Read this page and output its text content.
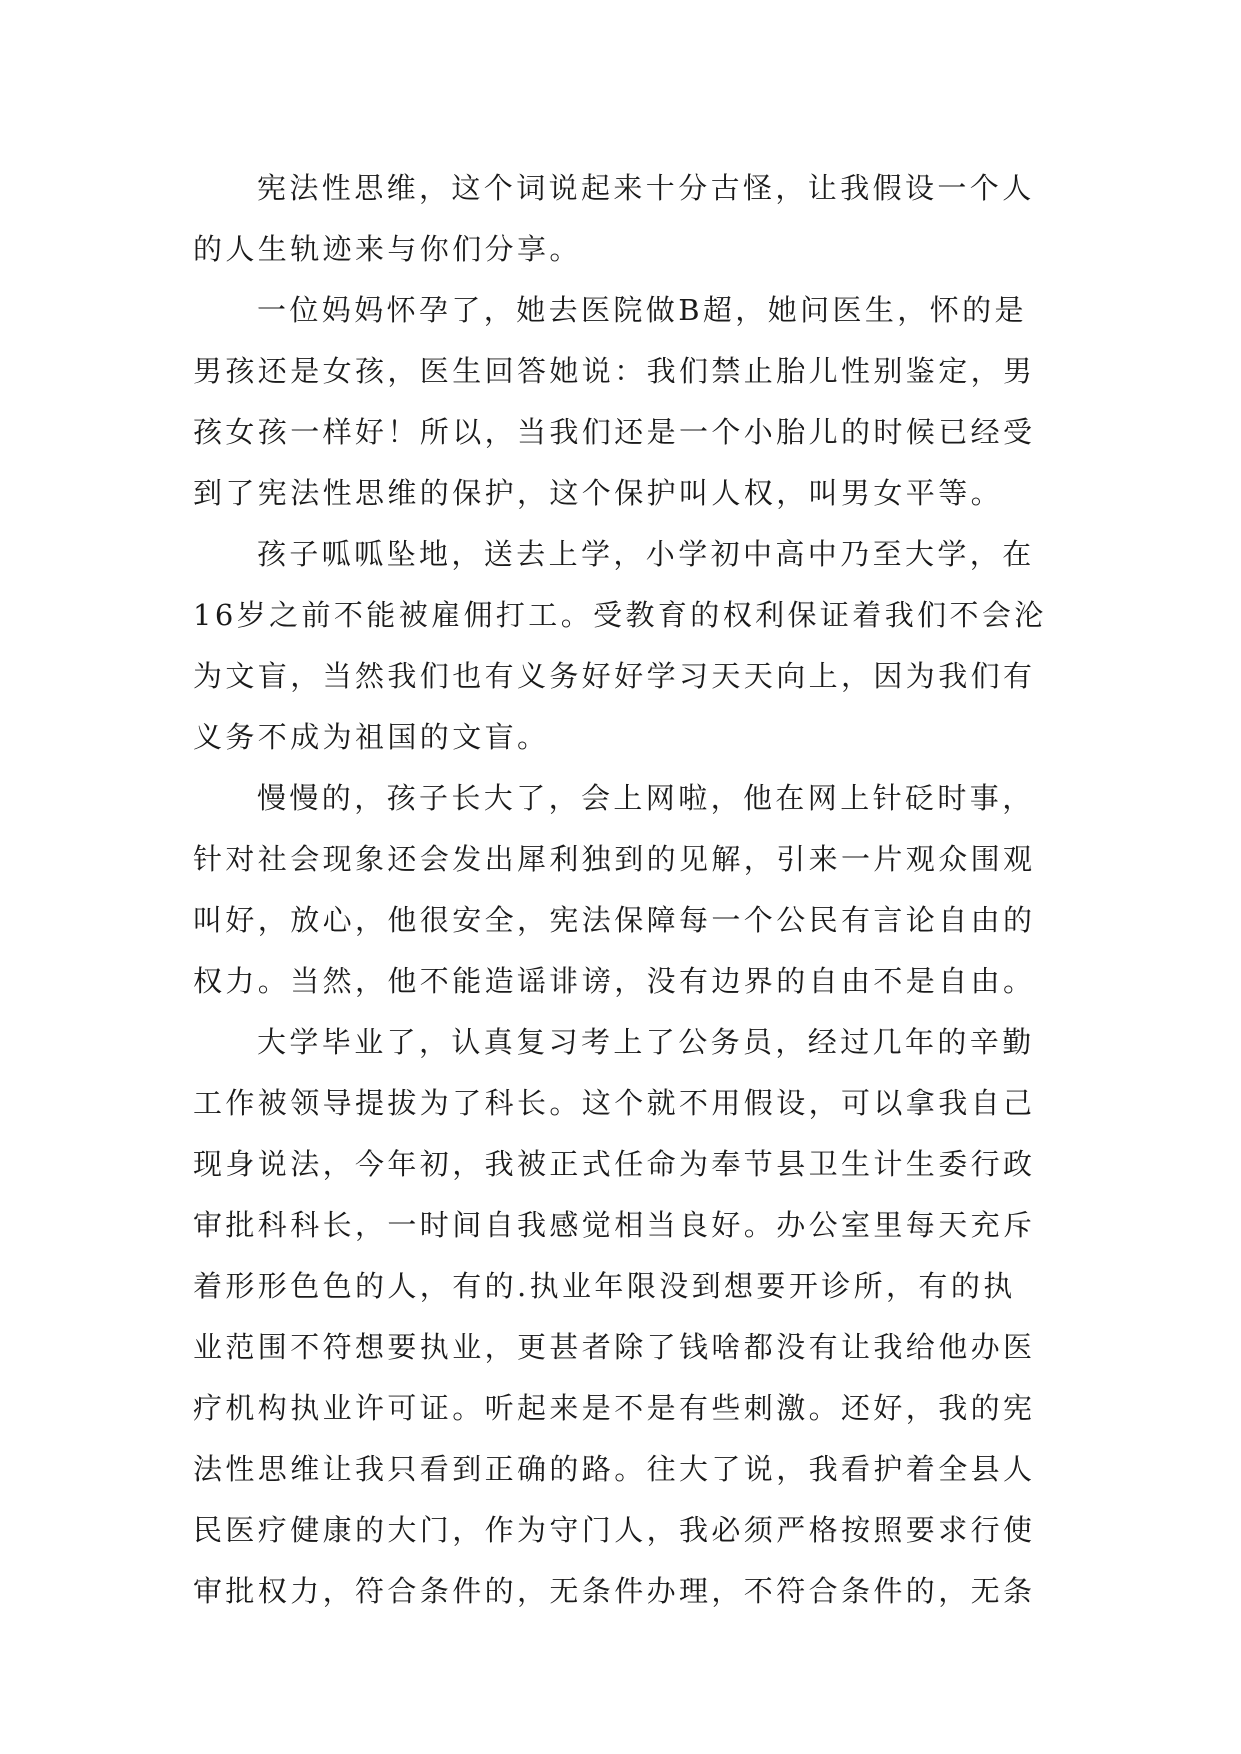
宪法性思维，这个词说起来十分古怪，让我假设一个人
的人生轨迹来与你们分享。
一位妈妈怀孕了，她去医院做B超，她问医生，怀的是
男孩还是女孩，医生回答她说：我们禁止胎儿性别鉴定，男
孩女孩一样好！所以，当我们还是一个小胎儿的时候已经受
到了宪法性思维的保护，这个保护叫人权，叫男女平等。
孩子呱呱坠地，送去上学，小学初中高中乃至大学，在
16岁之前不能被雇佣打工。受教育的权利保证着我们不会沦
为文盲，当然我们也有义务好好学习天天向上，因为我们有
义务不成为祖国的文盲。
慢慢的，孩子长大了，会上网啦，他在网上针砭时事，
针对社会现象还会发出犀利独到的见解，引来一片观众围观
叫好，放心，他很安全，宪法保障每一个公民有言论自由的
权力。当然，他不能造谣诽谤，没有边界的自由不是自由。
大学毕业了，认真复习考上了公务员，经过几年的辛勤
工作被领导提拔为了科长。这个就不用假设，可以拿我自己
现身说法，今年初，我被正式任命为奉节县卫生计生委行政
审批科科长，一时间自我感觉相当良好。办公室里每天充斥
着形形色色的人，有的.执业年限没到想要开诊所，有的执
业范围不符想要执业，更甚者除了钱啥都没有让我给他办医
疗机构执业许可证。听起来是不是有些刺激。还好，我的宪
法性思维让我只看到正确的路。往大了说，我看护着全县人
民医疗健康的大门，作为守门人，我必须严格按照要求行使
审批权力，符合条件的，无条件办理，不符合条件的，无条
